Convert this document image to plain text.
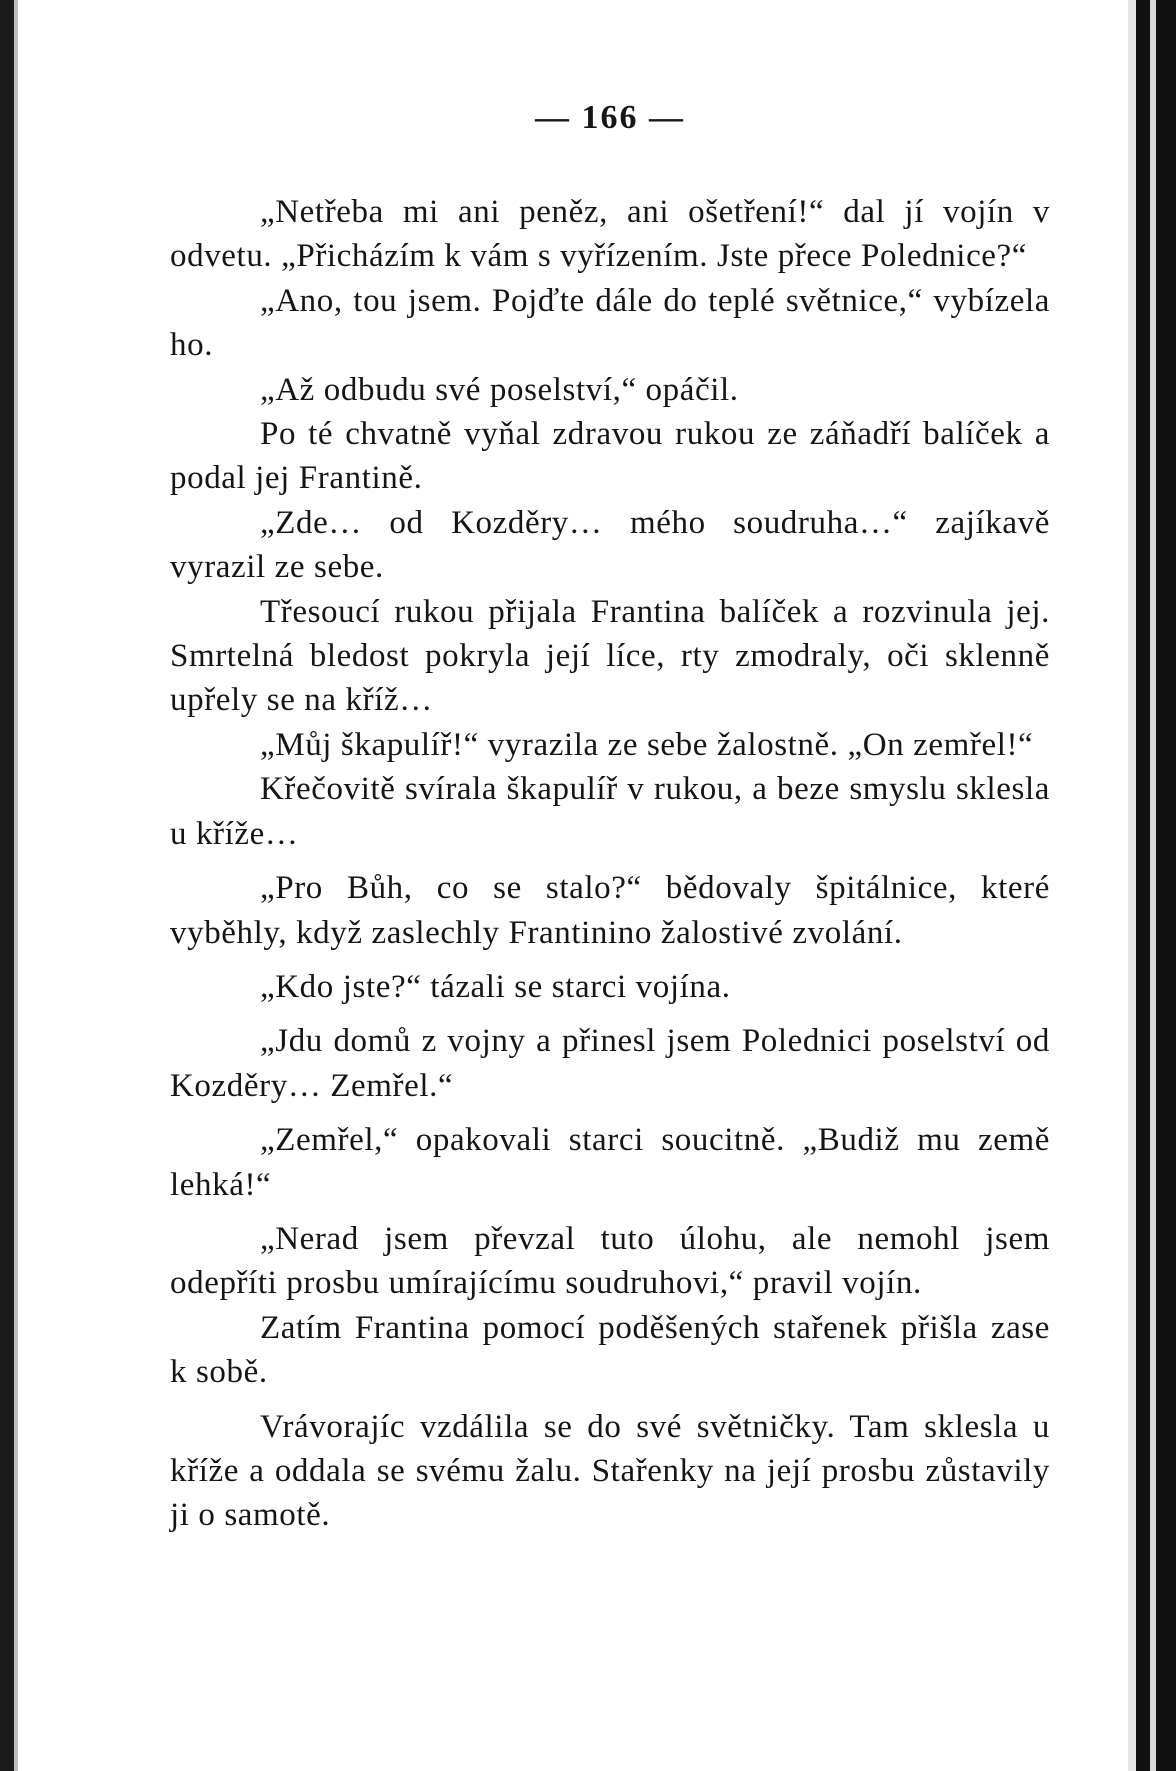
— 166 —

„Netřeba mi ani peněz, ani ošetření!“ dal jí vojín v odvetu. „Přicházím k vám s vyřízením. Jste přece Polednice?“

„Ano, tou jsem. Pojďte dále do teplé světnice,“ vybízela ho.

„Až odbudu své poselství,“ opáčil.

Po té chvatně vyňal zdravou rukou ze záňadří balíček a podal jej Frantině.

„Zde… od Kozděry… mého soudruha…“ zajíkavě vyrazil ze sebe.

Třesoucí rukou přijala Frantina balíček a rozvinula jej. Smrtelná bledost pokryla její líce, rty zmodraly, oči sklenně upřely se na kříž…

„Můj škapulíř!“ vyrazila ze sebe žalostně. „On zemřel!“

Křečovitě svírala škapulíř v rukou, a beze smyslu sklesla u kříže…

„Pro Bůh, co se stalo?“ bědovaly špitálnice, které vyběhly, když zaslechly Frantinino žalostivé zvolání.

„Kdo jste?“ tázali se starci vojína.

„Jdu domů z vojny a přinesl jsem Polednici poselství od Kozděry… Zemřel.“

„Zemřel,“ opakovali starci soucitně. „Budiž mu země lehká!“

„Nerad jsem převzal tuto úlohu, ale nemohl jsem odepříti prosbu umírajícímu soudruhovi,“ pravil vojín.

Zatím Frantina pomocí poděšených stařenek přišla zase k sobě.

Vrávorajíc vzdálila se do své světničky. Tam sklesla u kříže a oddala se svému žalu. Stařenky na její prosbu zůstavily ji o samotě.
